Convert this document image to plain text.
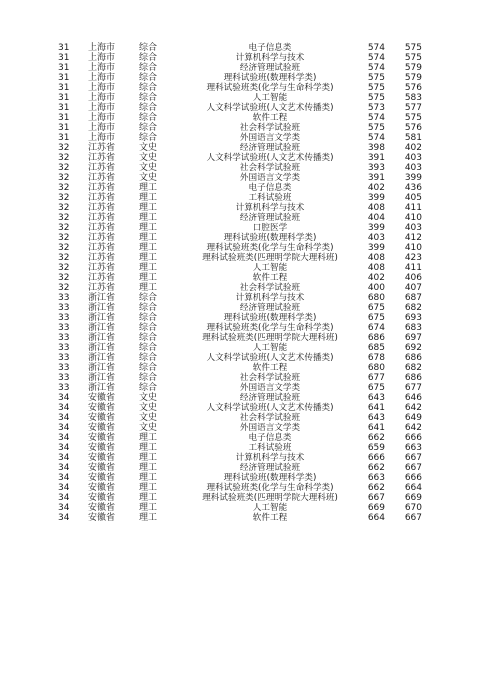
31 上海市	综合	电子信息类	574	575
31 上海市	综合	计算机科学与技术	574	575
31 上海市	综合	经济管理试验班	574	579
31 上海市	综合	理科试验班(数理科学类)	575	579
31 上海市	综合	理科试验班类(化学与生命科学类)	575	576
31 上海市	综合	人工智能	575	583
31 上海市	综合	人文科学试验班(人文艺术传播类)	573	577
31 上海市	综合	软件工程	574	575
31 上海市	综合	社会科学试验班	575	576
31 上海市	综合	外国语言文学类	574	581
32 江苏省	文史	经济管理试验班	398	402
32 江苏省	文史	人文科学试验班(人文艺术传播类)	391	403
32 江苏省	文史	社会科学试验班	393	403
32 江苏省	文史	外国语言文学类	391	399
32 江苏省	理工	电子信息类	402	436
32 江苏省	理工	工科试验班	399	405
32 江苏省	理工	计算机科学与技术	408	411
32 江苏省	理工	经济管理试验班	404	410
32 江苏省	理工	口腔医学	399	403
32 江苏省	理工	理科试验班(数理科学类)	403	412
32 江苏省	理工	理科试验班类(化学与生命科学类)	399	410
32 江苏省	理工	理科试验班类(匹理明学院大理科班)	408	423
32 江苏省	理工	人工智能	408	411
32 江苏省	理工	软件工程	402	406
32 江苏省	理工	社会科学试验班	400	407
33 浙江省	综合	计算机科学与技术	680	687
33 浙江省	综合	经济管理试验班	675	682
33 浙江省	综合	理科试验班(数理科学类)	675	693
33 浙江省	综合	理科试验班类(化学与生命科学类)	674	683
33 浙江省	综合	理科试验班类(匹理明学院大理科班)	686	697
33 浙江省	综合	人工智能	685	692
33 浙江省	综合	人文科学试验班(人文艺术传播类)	678	686
33 浙江省	综合	软件工程	680	682
33 浙江省	综合	社会科学试验班	677	686
33 浙江省	综合	外国语言文学类	675	677
34 安徽省	文史	经济管理试验班	643	646
34 安徽省	文史	人文科学试验班(人文艺术传播类)	641	642
34 安徽省	文史	社会科学试验班	643	649
34 安徽省	文史	外国语言文学类	641	642
34 安徽省	理工	电子信息类	662	666
34 安徽省	理工	工科试验班	659	663
34 安徽省	理工	计算机科学与技术	666	667
34 安徽省	理工	经济管理试验班	662	667
34 安徽省	理工	理科试验班(数理科学类)	663	666
34 安徽省	理工	理科试验班类(化学与生命科学类)	662	664
34 安徽省	理工	理科试验班类(匹理明学院大理科班)	667	669
34 安徽省	理工	人工智能	669	670
34 安徽省	理工	软件工程	664	667
